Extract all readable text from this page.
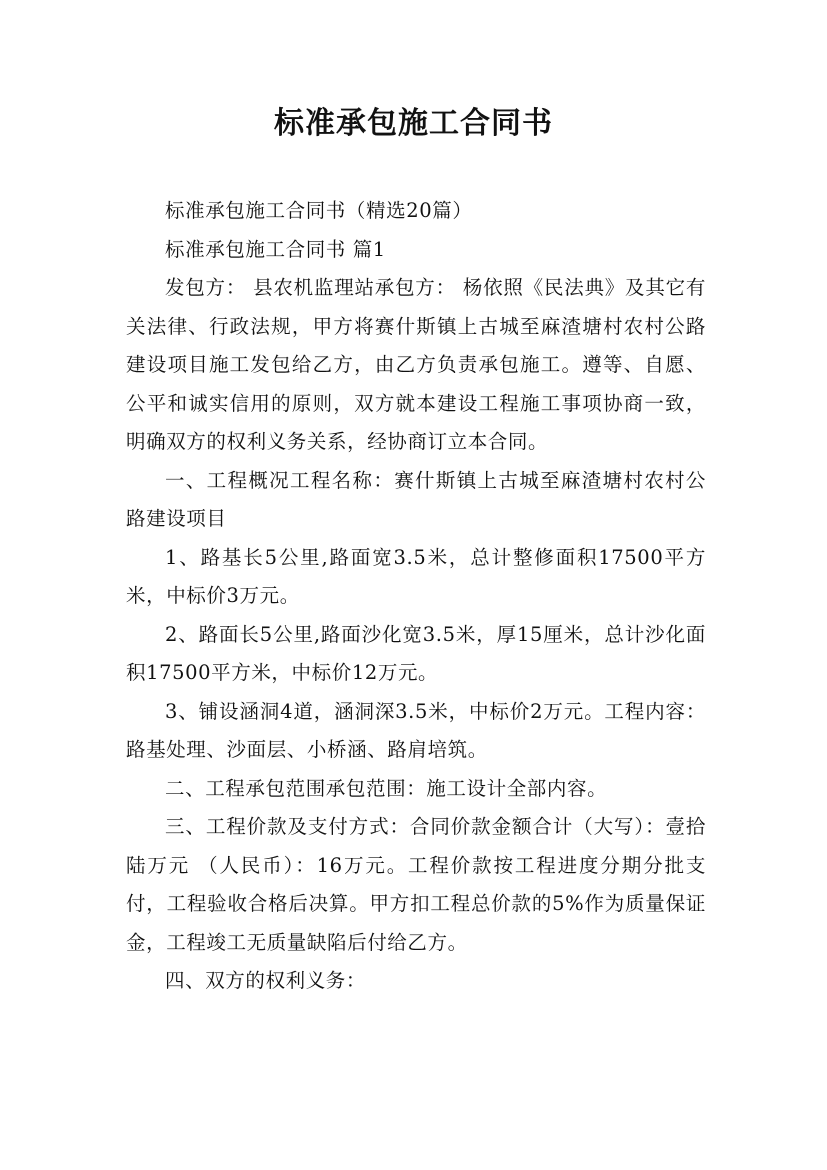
标准承包施工合同书

标准承包施工合同书（精选20篇）

标准承包施工合同书 篇1

发包方： 县农机监理站承包方： 杨依照《民法典》及其它有关法律、行政法规，甲方将赛什斯镇上古城至麻渣塘村农村公路建设项目施工发包给乙方，由乙方负责承包施工。遵等、自愿、公平和诚实信用的原则，双方就本建设工程施工事项协商一致，明确双方的权利义务关系，经协商订立本合同。

一、工程概况工程名称：赛什斯镇上古城至麻渣塘村农村公路建设项目

1、路基长5公里,路面宽3.5米，总计整修面积17500平方米，中标价3万元。

2、路面长5公里,路面沙化宽3.5米，厚15厘米，总计沙化面积17500平方米，中标价12万元。

3、铺设涵洞4道，涵洞深3.5米，中标价2万元。工程内容：路基处理、沙面层、小桥涵、路肩培筑。

二、工程承包范围承包范围：施工设计全部内容。

三、工程价款及支付方式：合同价款金额合计（大写）：壹拾陆万元 （人民币）：16万元。工程价款按工程进度分期分批支付，工程验收合格后决算。甲方扣工程总价款的5%作为质量保证金，工程竣工无质量缺陷后付给乙方。

四、双方的权利义务：
